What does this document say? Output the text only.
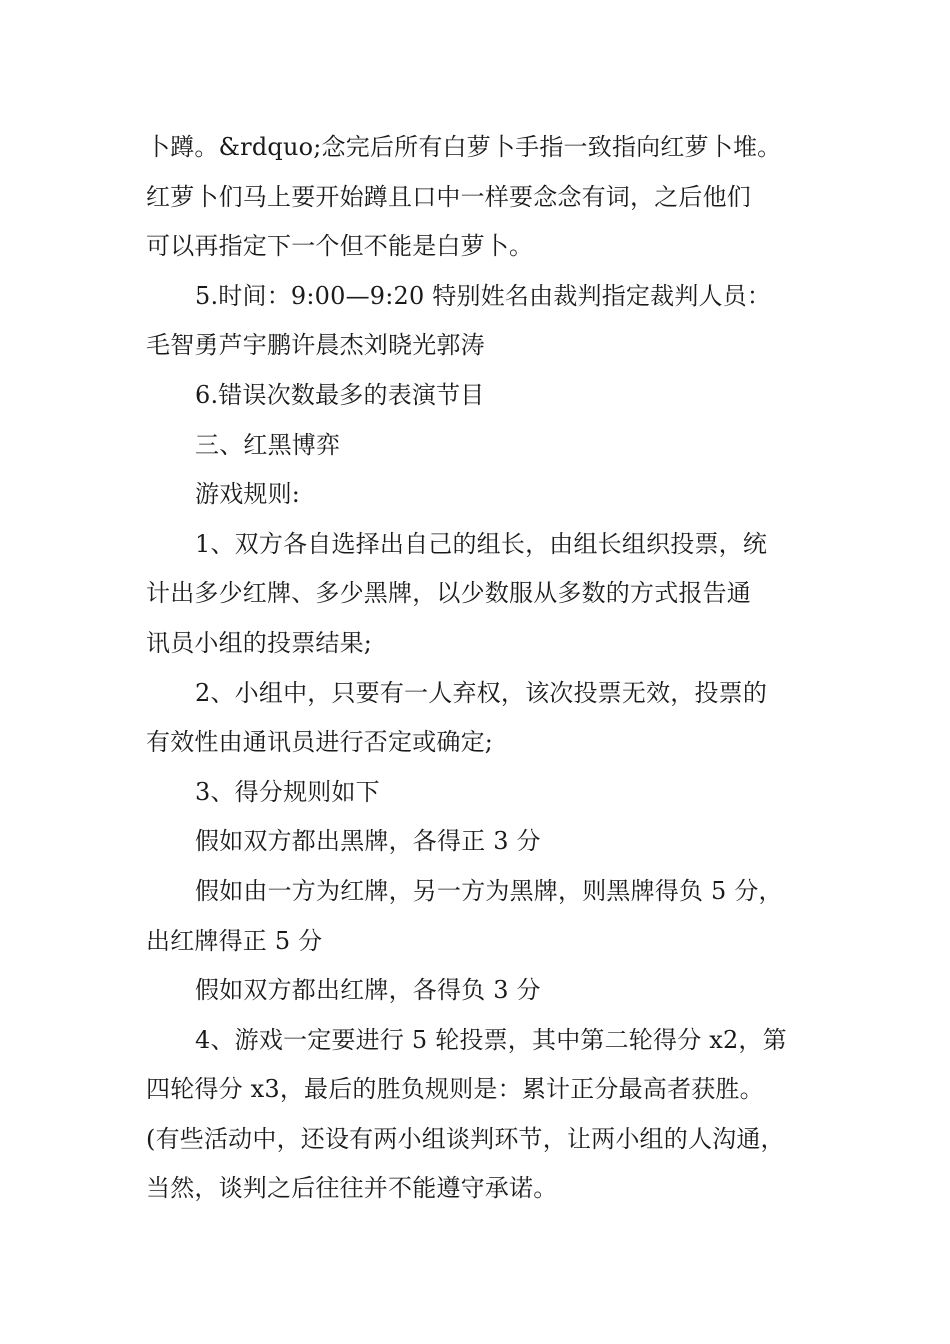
卜蹲。&rdquo;念完后所有白萝卜手指一致指向红萝卜堆。
红萝卜们马上要开始蹲且口中一样要念念有词，之后他们
可以再指定下一个但不能是白萝卜。

5.时间：9:00—9:20 特别姓名由裁判指定裁判人员：
毛智勇芦宇鹏许晨杰刘晓光郭涛

6.错误次数最多的表演节目

三、红黑博弈

游戏规则:

1、双方各自选择出自己的组长，由组长组织投票，统
计出多少红牌、多少黑牌，以少数服从多数的方式报告通
讯员小组的投票结果;

2、小组中，只要有一人弃权，该次投票无效，投票的
有效性由通讯员进行否定或确定;

3、得分规则如下

假如双方都出黑牌，各得正 3 分

假如由一方为红牌，另一方为黑牌，则黑牌得负 5 分，
出红牌得正 5 分

假如双方都出红牌，各得负 3 分

4、游戏一定要进行 5 轮投票，其中第二轮得分 x2，第
四轮得分 x3，最后的胜负规则是：累计正分最高者获胜。
(有些活动中，还设有两小组谈判环节，让两小组的人沟通，
当然，谈判之后往往并不能遵守承诺。
